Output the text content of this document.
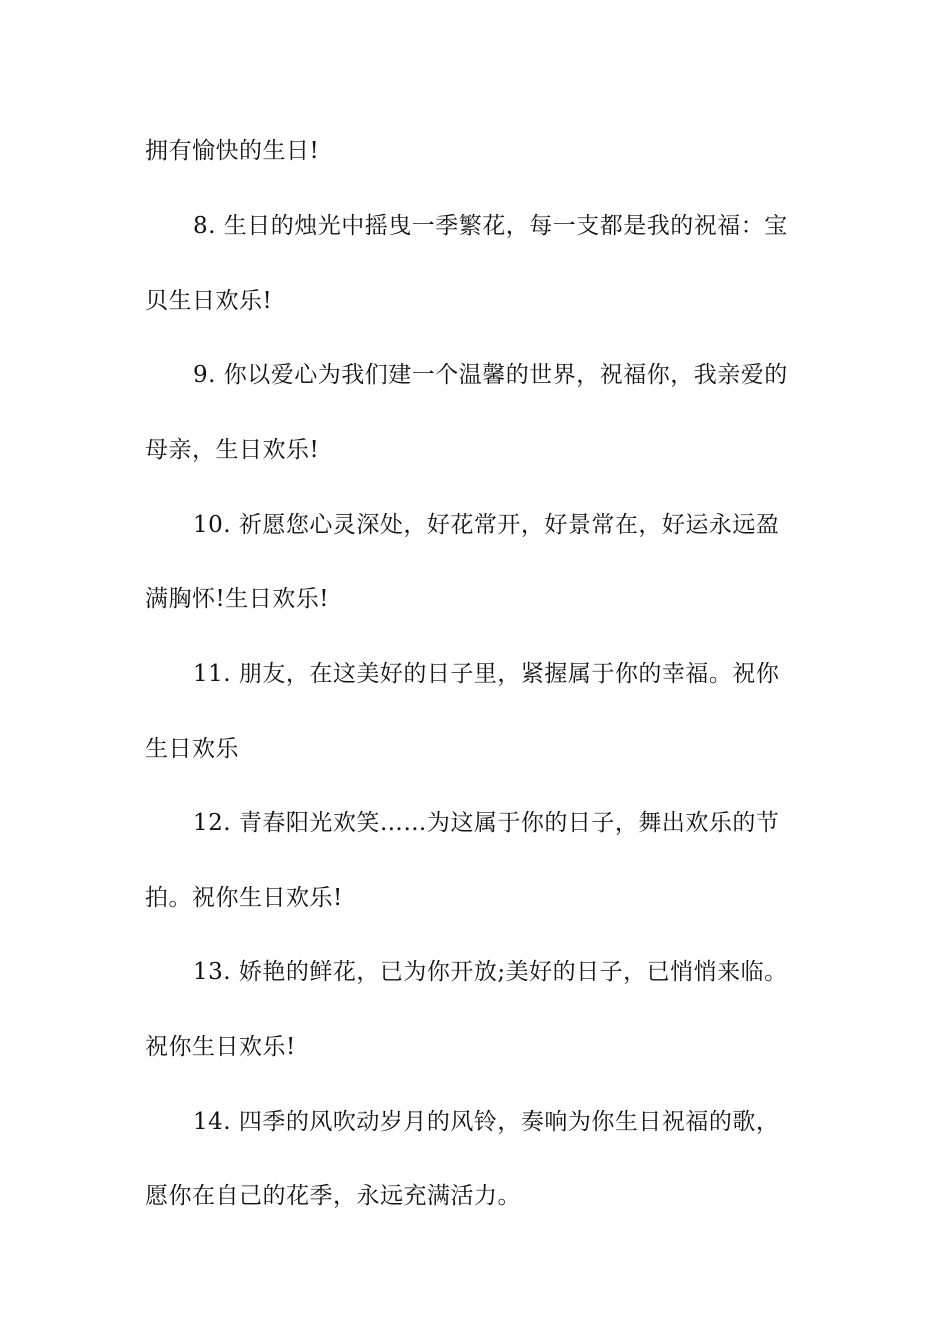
拥有愉快的生日!
8. 生日的烛光中摇曳一季繁花，每一支都是我的祝福：宝
贝生日欢乐!
9. 你以爱心为我们建一个温馨的世界，祝福你，我亲爱的
母亲，生日欢乐!
10. 祈愿您心灵深处，好花常开，好景常在，好运永远盈
满胸怀!生日欢乐!
11. 朋友，在这美好的日子里，紧握属于你的幸福。祝你
生日欢乐
12. 青春阳光欢笑……为这属于你的日子，舞出欢乐的节
拍。祝你生日欢乐!
13. 娇艳的鲜花，已为你开放;美好的日子，已悄悄来临。
祝你生日欢乐!
14. 四季的风吹动岁月的风铃，奏响为你生日祝福的歌，
愿你在自己的花季，永远充满活力。
